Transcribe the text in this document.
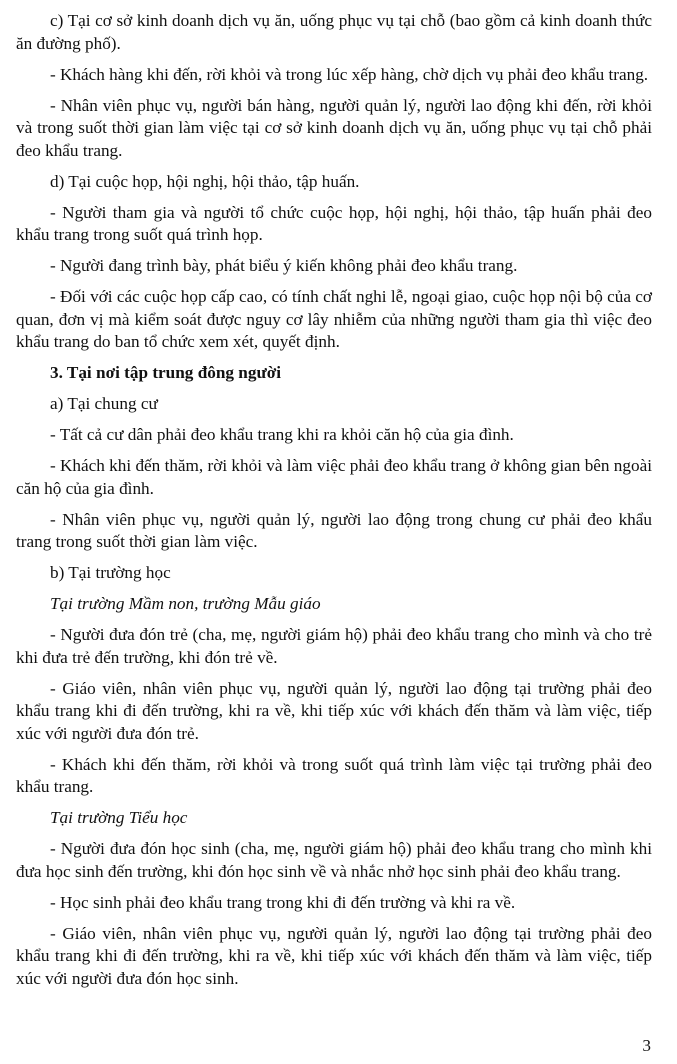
c) Tại cơ sở kinh doanh dịch vụ ăn, uống phục vụ tại chỗ (bao gồm cả kinh doanh thức ăn đường phố).

- Khách hàng khi đến, rời khỏi và trong lúc xếp hàng, chờ dịch vụ phải đeo khẩu trang.

- Nhân viên phục vụ, người bán hàng, người quản lý, người lao động khi đến, rời khỏi và trong suốt thời gian làm việc tại cơ sở kinh doanh dịch vụ ăn, uống phục vụ tại chỗ phải đeo khẩu trang.

d) Tại cuộc họp, hội nghị, hội thảo, tập huấn.

- Người tham gia và người tổ chức cuộc họp, hội nghị, hội thảo, tập huấn phải đeo khẩu trang trong suốt quá trình họp.

- Người đang trình bày, phát biểu ý kiến không phải đeo khẩu trang.

- Đối với các cuộc họp cấp cao, có tính chất nghi lễ, ngoại giao, cuộc họp nội bộ của cơ quan, đơn vị mà kiểm soát được nguy cơ lây nhiễm của những người tham gia thì việc đeo khẩu trang do ban tổ chức xem xét, quyết định.

3. Tại nơi tập trung đông người

a) Tại chung cư

- Tất cả cư dân phải đeo khẩu trang khi ra khỏi căn hộ của gia đình.

- Khách khi đến thăm, rời khỏi và làm việc phải đeo khẩu trang ở không gian bên ngoài căn hộ của gia đình.

- Nhân viên phục vụ, người quản lý, người lao động trong chung cư phải đeo khẩu trang trong suốt thời gian làm việc.

b) Tại trường học

Tại trường Mầm non, trường Mẫu giáo

- Người đưa đón trẻ (cha, mẹ, người giám hộ) phải đeo khẩu trang cho mình và cho trẻ khi đưa trẻ đến trường, khi đón trẻ về.

- Giáo viên, nhân viên phục vụ, người quản lý, người lao động tại trường phải đeo khẩu trang khi đi đến trường, khi ra về, khi tiếp xúc với khách đến thăm và làm việc, tiếp xúc với người đưa đón trẻ.

- Khách khi đến thăm, rời khỏi và trong suốt quá trình làm việc tại trường phải đeo khẩu trang.

Tại trường Tiểu học

- Người đưa đón học sinh (cha, mẹ, người giám hộ) phải đeo khẩu trang cho mình khi đưa học sinh đến trường, khi đón học sinh về và nhắc nhở học sinh phải đeo khẩu trang.

- Học sinh phải đeo khẩu trang trong khi đi đến trường và khi ra về.

- Giáo viên, nhân viên phục vụ, người quản lý, người lao động tại trường phải đeo khẩu trang khi đi đến trường, khi ra về, khi tiếp xúc với khách đến thăm và làm việc, tiếp xúc với người đưa đón học sinh.

3
